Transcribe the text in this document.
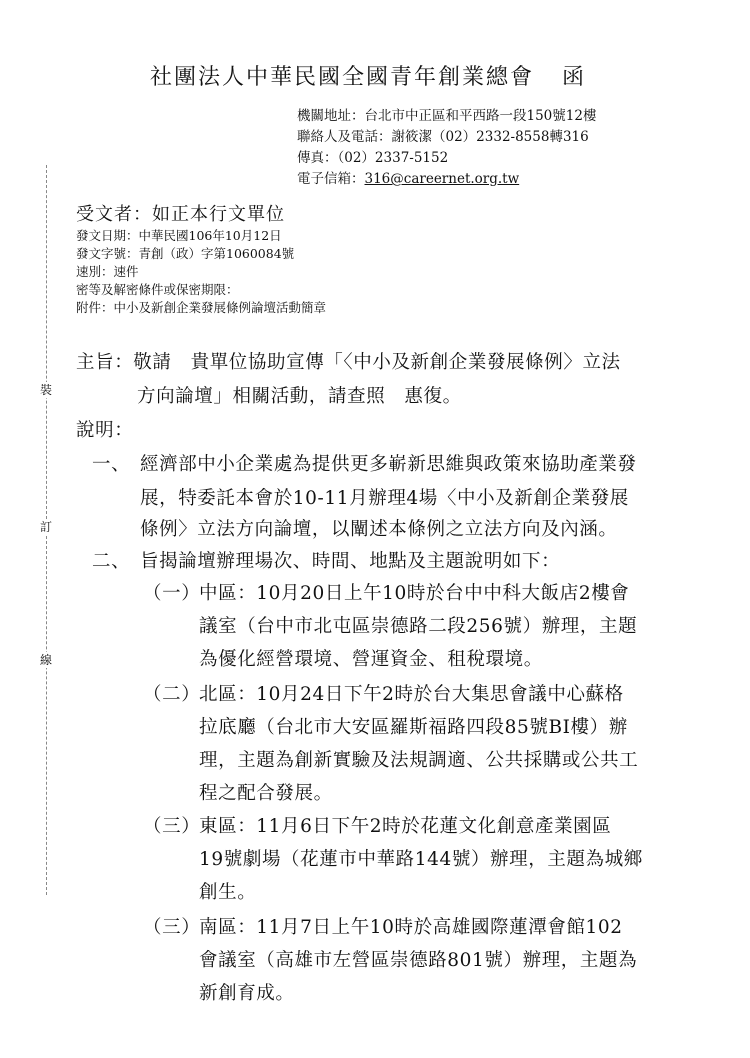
裝
訂
線
社團法人中華民國全國青年創業總會 函
機關地址：台北市中正區和平西路一段150號12樓
聯絡人及電話：謝筱潔（02）2332-8558轉316
傳真：（02）2337-5152
電子信箱：316@careernet.org.tw
受文者：如正本行文單位
發文日期：中華民國106年10月12日
發文字號：青創（政）字第1060084號
速別：速件
密等及解密條件或保密期限：
附件：中小及新創企業發展條例論壇活動簡章
主旨：敬請　貴單位協助宣傳「〈中小及新創企業發展條例〉立法
方向論壇」相關活動，請查照　惠復。
說明：
一、 經濟部中小企業處為提供更多嶄新思維與政策來協助產業發
展，特委託本會於10-11月辦理4場〈中小及新創企業發展
條例〉立法方向論壇，以闡述本條例之立法方向及內涵。
二、 旨揭論壇辦理場次、時間、地點及主題說明如下：
（一）
中區：10月20日上午10時於台中中科大飯店2樓會
議室（台中市北屯區崇德路二段256號）辦理，主題
為優化經營環境、營運資金、租稅環境。
（二）
北區：10月24日下午2時於台大集思會議中心蘇格
拉底廳（台北市大安區羅斯福路四段85號BI樓）辦
理，主題為創新實驗及法規調適、公共採購或公共工
程之配合發展。
（三）
東區：11月6日下午2時於花蓮文化創意產業園區
19號劇場（花蓮市中華路144號）辦理，主題為城鄉
創生。
（三）
南區：11月7日上午10時於高雄國際蓮潭會館102
會議室（高雄市左營區崇德路801號）辦理，主題為
新創育成。
